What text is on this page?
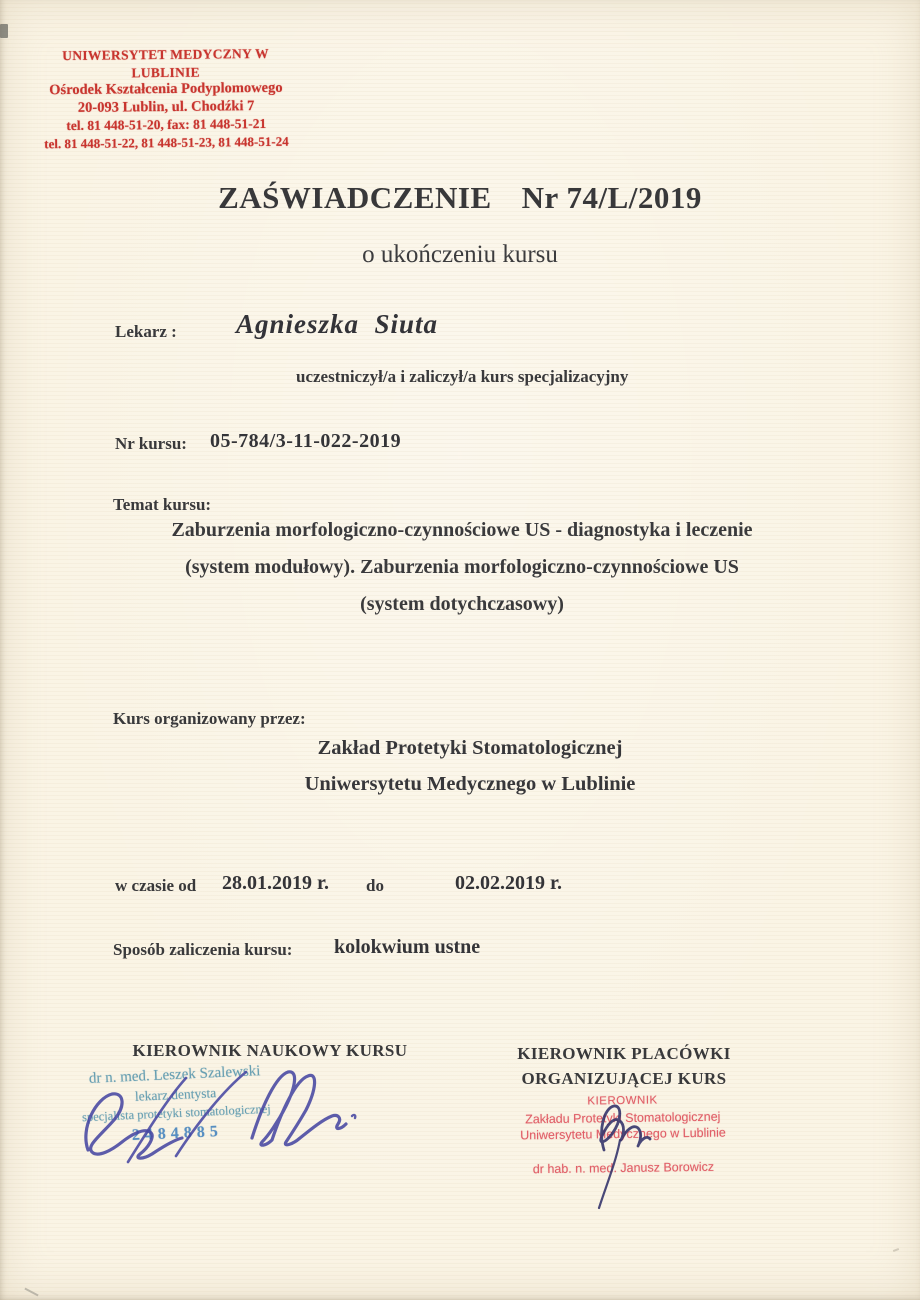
UNIWERSYTET MEDYCZNY W LUBLINIE
Ośrodek Kształcenia Podyplomowego
20-093 Lublin, ul. Chodźki 7
tel. 81 448-51-20, fax: 81 448-51-21
tel. 81 448-51-22, 81 448-51-23, 81 448-51-24
ZAŚWIADCZENIE Nr 74/L/2019
o ukończeniu kursu
Lekarz : Agnieszka  Siuta
uczestniczył/a i zaliczył/a kurs specjalizacyjny
Nr kursu: 05-784/3-11-022-2019
Temat kursu:
Zaburzenia morfologiczno-czynnościowe US - diagnostyka i leczenie
(system modułowy). Zaburzenia morfologiczno-czynnościowe US
(system dotychczasowy)
Kurs organizowany przez:
Zakład Protetyki Stomatologicznej
Uniwersytetu Medycznego w Lublinie
w czasie od 28.01.2019 r. do	02.02.2019 r.
Sposób zaliczenia kursu: kolokwium ustne
KIEROWNIK NAUKOWY KURSU	KIEROWNIK PLACÓWKI
ORGANIZUJĄCEJ KURS
dr n. med. Leszek Szalewski
lekarz dentysta
specjalista protetyki stomatologicznej
2484885
KIEROWNIK
Zakładu Protetyki Stomatologicznej
Uniwersytetu Medycznego w Lublinie
dr hab. n. med. Janusz Borowicz
